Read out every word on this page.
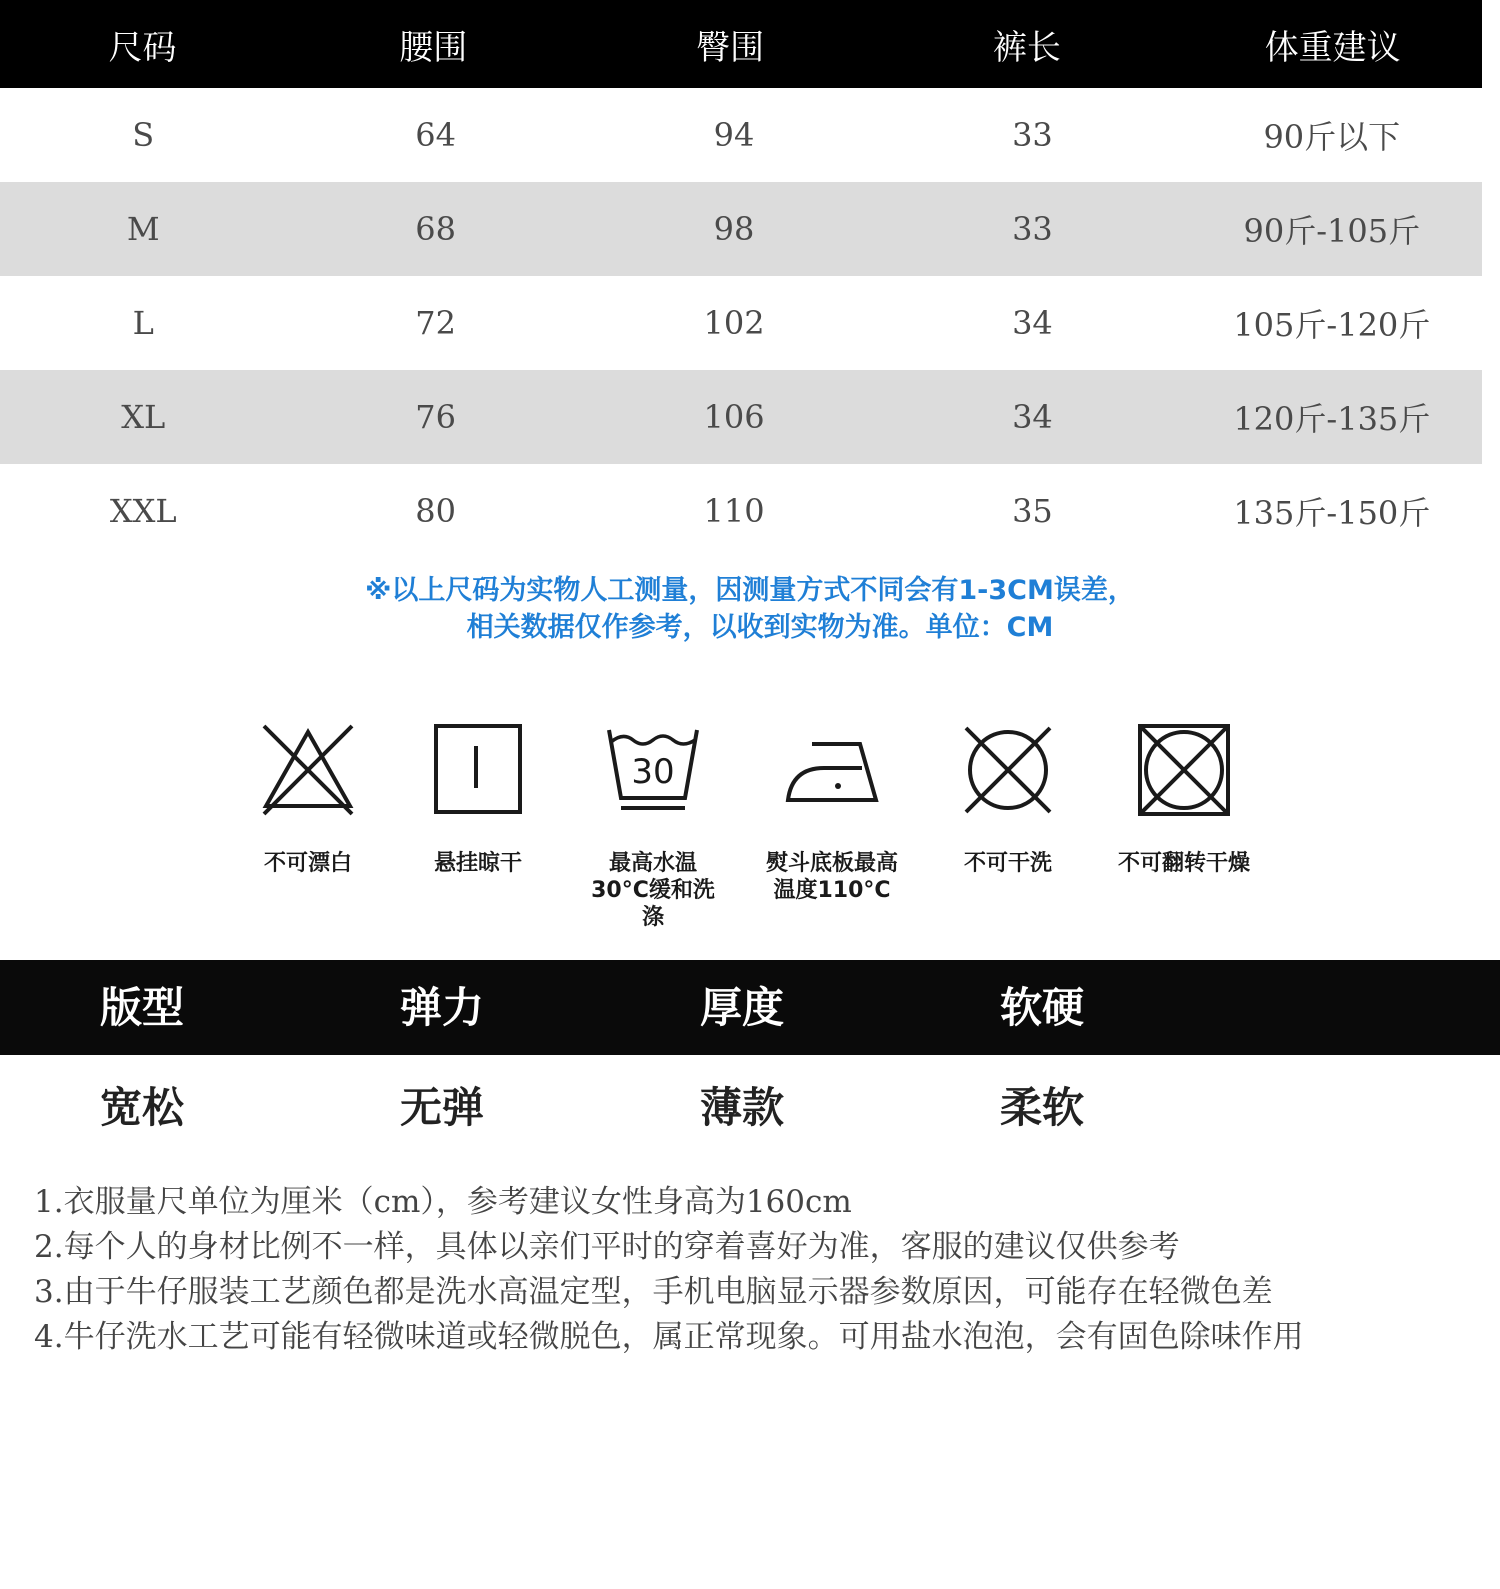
尺码	腰围	臀围	裤长	体重建议
S	64	94	33	90斤以下
M	68	98	33	90斤-105斤
L	72	102	34	105斤-120斤
XL	76	106	34	120斤-135斤
XXL	80	110	35	135斤-150斤
※以上尺码为实物人工测量，因测量方式不同会有1-3CM误差，
相关数据仅作参考，以收到实物为准。单位：CM
不可漂白	悬挂晾干
30
最高水温30°C缓和洗涤
熨斗底板最高温度110°C
不可干洗	不可翻转干燥
版型	弹力	厚度	软硬
宽松	无弹	薄款	柔软
1.衣服量尺单位为厘米（cm），参考建议女性身高为160cm
2.每个人的身材比例不一样，具体以亲们平时的穿着喜好为准，客服的建议仅供参考
3.由于牛仔服装工艺颜色都是洗水高温定型，手机电脑显示器参数原因，可能存在轻微色差
4.牛仔洗水工艺可能有轻微味道或轻微脱色，属正常现象。可用盐水泡泡，会有固色除味作用
